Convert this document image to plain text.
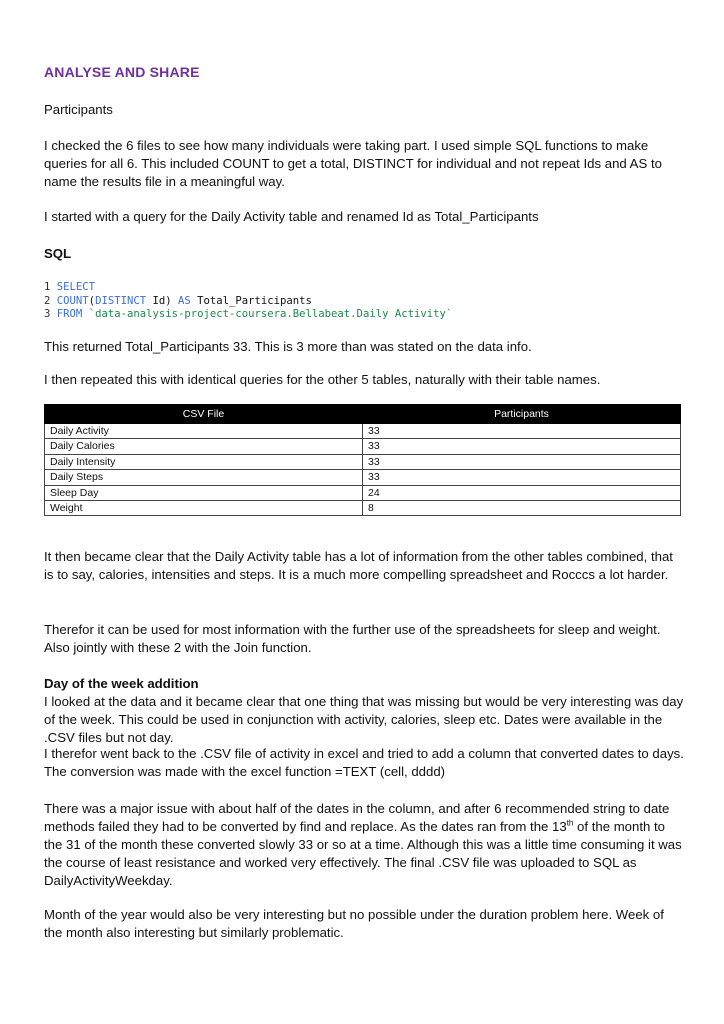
ANALYSE AND SHARE

Participants

I checked the 6 files to see how many individuals were taking part. I used simple SQL functions to make queries for all 6. This included COUNT to get a total, DISTINCT for individual and not repeat Ids and AS to name the results file in a meaningful way.

I started with a query for the Daily Activity table and renamed Id as Total_Participants

SQL

1 SELECT
2 COUNT(DISTINCT Id) AS Total_Participants
3 FROM `data-analysis-project-coursera.Bellabeat.Daily Activity`

This returned Total_Participants 33. This is 3 more than was stated on the data info.

I then repeated this with identical queries for the other 5 tables, naturally with their table names.

CSV File	Participants
Daily Activity	33
Daily Calories	33
Daily Intensity	33
Daily Steps	33
Sleep Day	24
Weight	8

It then became clear that the Daily Activity table has a lot of information from the other tables combined, that is to say, calories, intensities and steps. It is a much more compelling spreadsheet and Rocccs a lot harder.

Therefor it can be used for most information with the further use of the spreadsheets for sleep and weight. Also jointly with these 2 with the Join function.

Day of the week addition

I looked at the data and it became clear that one thing that was missing but would be very interesting was day of the week. This could be used in conjunction with activity, calories, sleep etc. Dates were available in the .CSV files but not day.

I therefor went back to the .CSV file of activity in excel and tried to add a column that converted dates to days. The conversion was made with the excel function =TEXT (cell, dddd)

There was a major issue with about half of the dates in the column, and after 6 recommended string to date methods failed they had to be converted by find and replace. As the dates ran from the 13th of the month to the 31 of the month these converted slowly 33 or so at a time. Although this was a little time consuming it was the course of least resistance and worked very effectively. The final .CSV file was uploaded to SQL as DailyActivityWeekday.

Month of the year would also be very interesting but no possible under the duration problem here. Week of the month also interesting but similarly problematic.
